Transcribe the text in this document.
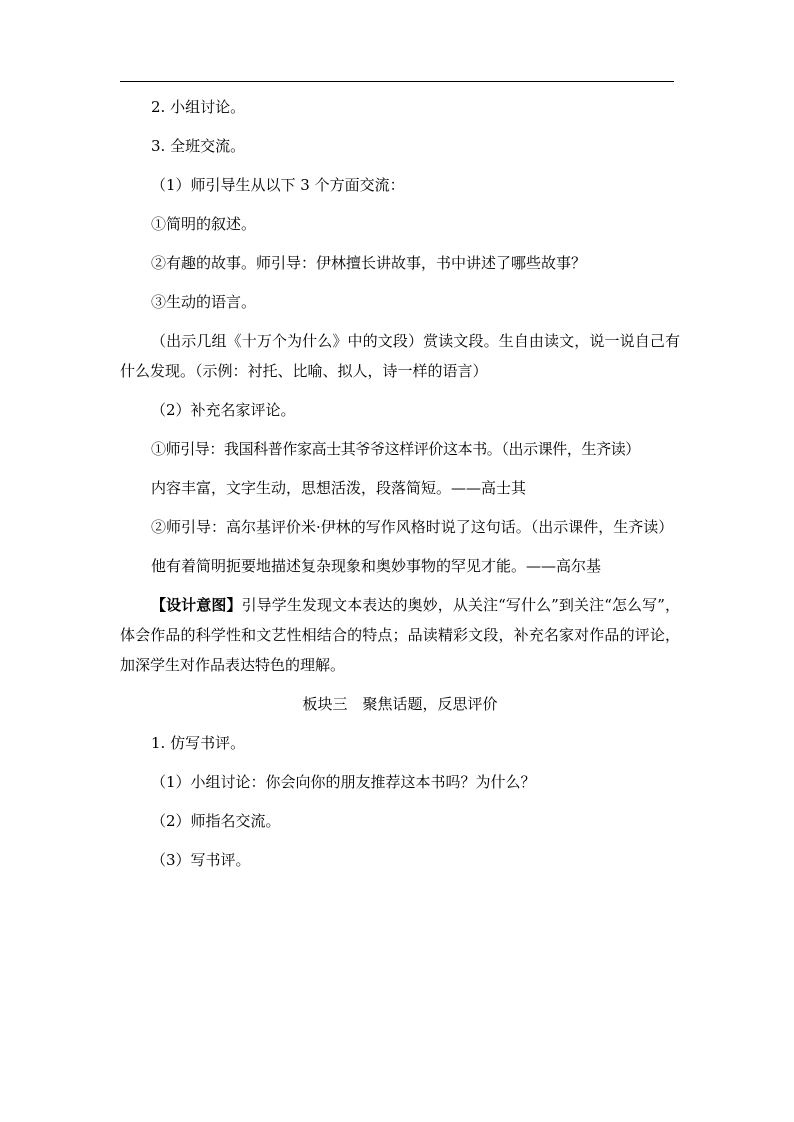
2. 小组讨论。

3. 全班交流。

（1）师引导生从以下 3 个方面交流：

①简明的叙述。

②有趣的故事。师引导：伊林擅长讲故事，书中讲述了哪些故事？

③生动的语言。

（出示几组《十万个为什么》中的文段）赏读文段。生自由读文，说一说自己有什么发现。（示例：衬托、比喻、拟人，诗一样的语言）

（2）补充名家评论。

①师引导：我国科普作家高士其爷爷这样评价这本书。（出示课件，生齐读）

内容丰富，文字生动，思想活泼，段落简短。——高士其

②师引导：高尔基评价米·伊林的写作风格时说了这句话。（出示课件，生齐读）

他有着简明扼要地描述复杂现象和奥妙事物的罕见才能。——高尔基

【设计意图】引导学生发现文本表达的奥妙，从关注“写什么”到关注“怎么写”，体会作品的科学性和文艺性相结合的特点；品读精彩文段，补充名家对作品的评论，加深学生对作品表达特色的理解。

板块三　聚焦话题，反思评价

1. 仿写书评。

（1）小组讨论：你会向你的朋友推荐这本书吗？为什么？

（2）师指名交流。

（3）写书评。
